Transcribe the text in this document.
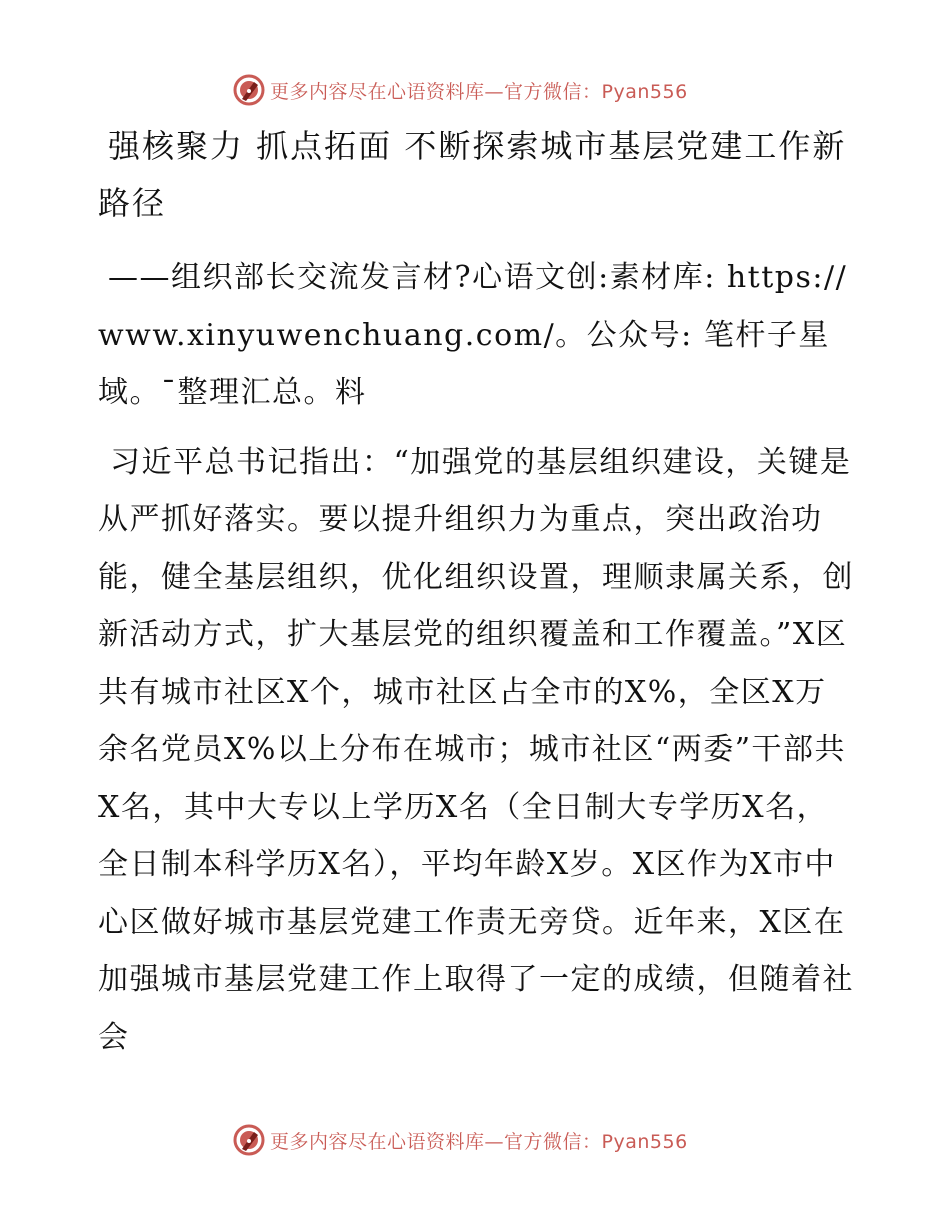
更多内容尽在心语资料库—官方微信：Pyan556
强核聚力 抓点拓面 不断探索城市基层党建工作新路径

——组织部长交流发言材?心语文创:素材库: https://www.xinyuwenchuang.com/。公众号: 笔杆子星域。¯整理汇总。料

习近平总书记指出：“加强党的基层组织建设，关键是从严抓好落实。要以提升组织力为重点，突出政治功能，健全基层组织，优化组织设置，理顺隶属关系，创新活动方式，扩大基层党的组织覆盖和工作覆盖。”X区共有城市社区X个，城市社区占全市的X%，全区X万余名党员X%以上分布在城市；城市社区“两委”干部共X名，其中大专以上学历X名（全日制大专学历X名，全日制本科学历X名），平均年龄X岁。X区作为X市中心区做好城市基层党建工作责无旁贷。近年来，X区在加强城市基层党建工作上取得了一定的成绩，但随着社会

更多内容尽在心语资料库—官方微信：Pyan556
